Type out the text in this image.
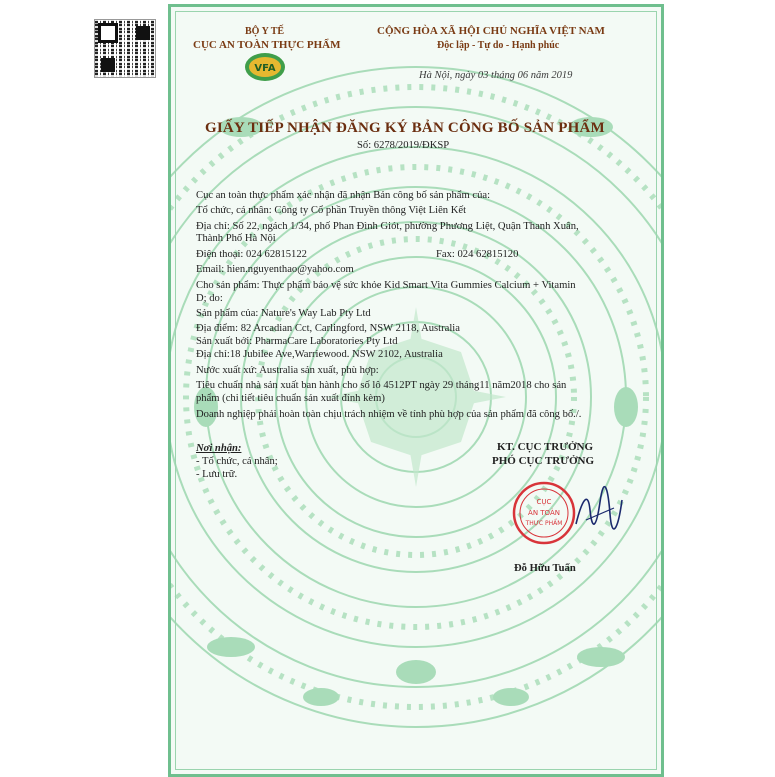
BỘ Y TẾ
CỤC AN TOÀN THỰC PHẨM
VFA
CỘNG HÒA XÃ HỘI CHỦ NGHĨA VIỆT NAM
Độc lập - Tự do - Hạnh phúc
Hà Nội, ngày 03 tháng 06 năm 2019
GIẤY TIẾP NHẬN ĐĂNG KÝ BẢN CÔNG BỐ SẢN PHẨM
Số: 6278/2019/ĐKSP
Cục an toàn thực phẩm xác nhận đã nhận Bản công bố sản phẩm của:
Tổ chức, cá nhân: Công ty Cổ phần Truyền thông Việt Liên Kết
Địa chỉ: Số 22, ngách 1/34, phố Phan Đình Giót, phường Phương Liệt, Quận Thanh Xuân,
Thành Phố Hà Nội
Điện thoại: 024 62815122	Fax: 024 62815120
Email: hien.nguyenthao@yahoo.com
Cho sản phẩm: Thực phẩm bảo vệ sức khỏe Kid Smart Vita Gummies Calcium + Vitamin
D; do:
Sản phẩm của: Nature's Way Lab Pty Ltd
Địa điểm: 82 Arcadian Cct, Carlingford, NSW 2118, Australia
Sản xuất bởi: PharmaCare Laboratories Pty Ltd
Địa chỉ:18 Jubilee Ave,Warriewood. NSW 2102, Australia
Nước xuất xứ: Australia sản xuất, phù hợp:
Tiêu chuẩn nhà sản xuất ban hành cho số lô 4512PT ngày 29 tháng11 năm2018 cho sản
phẩm (chi tiết tiêu chuẩn sản xuất đính kèm)
Doanh nghiệp phải hoàn toàn chịu trách nhiệm về tính phù hợp của sản phẩm đã công bố./.
Nơi nhận:
- Tổ chức, cá nhân;
- Lưu trữ.
KT. CỤC TRƯỞNG
PHÓ CỤC TRƯỞNG
CỤC
AN TOÀN
THỰC PHẨM
Đỗ Hữu Tuấn
